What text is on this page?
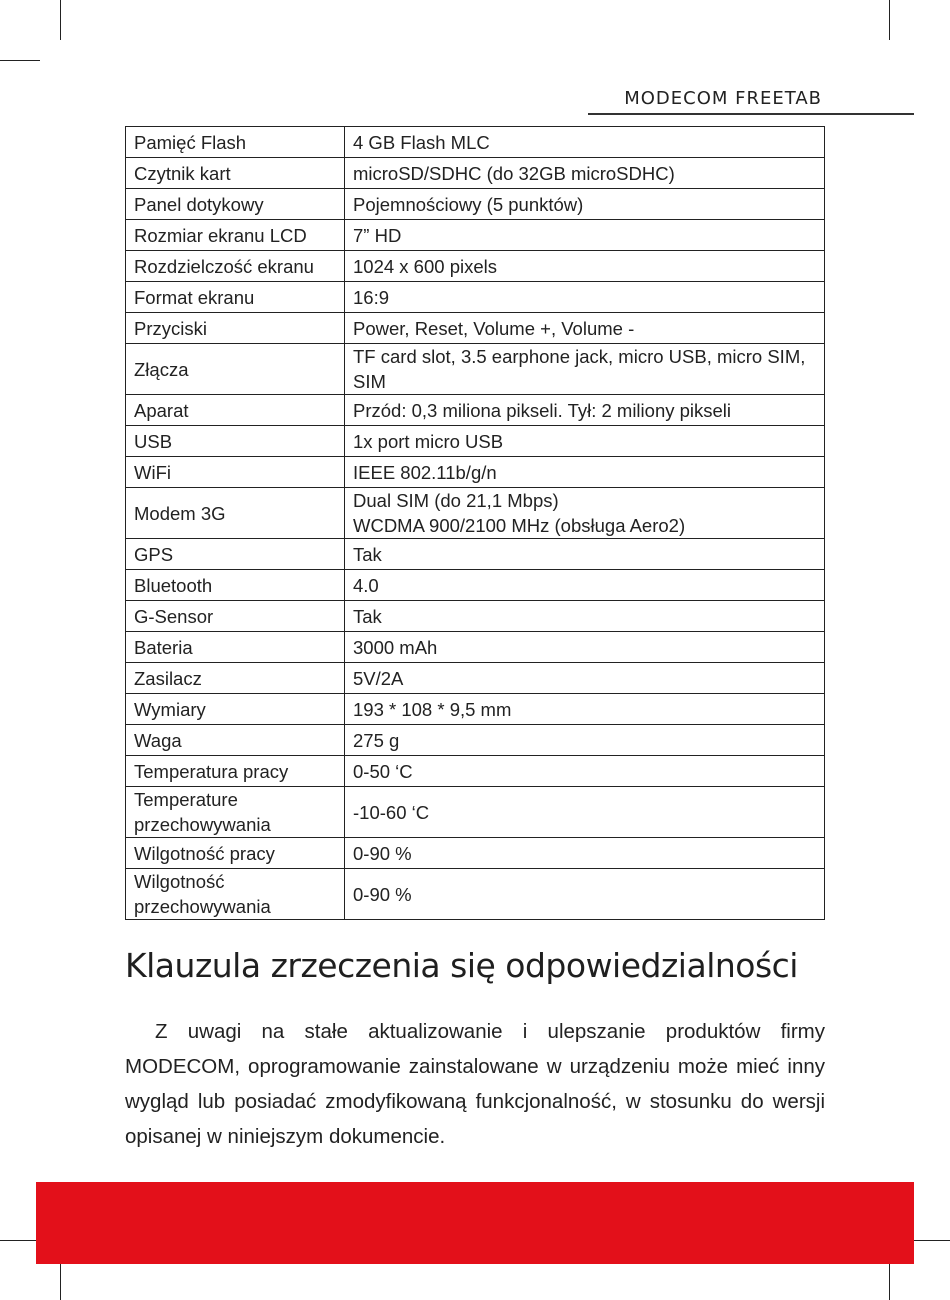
MODECOM FREETAB
Pamięć Flash	4 GB Flash MLC

Czytnik kart	microSD/SDHC (do 32GB microSDHC)

Panel dotykowy	Pojemnościowy (5 punktów)

Rozmiar ekranu LCD	7” HD

Rozdzielczość ekranu	1024 x 600 pixels

Format ekranu	16:9

Przyciski	Power, Reset, Volume +, Volume -

Złącza	TF card slot, 3.5 earphone jack, micro USB, micro SIM, SIM

Aparat	Przód: 0,3 miliona pikseli. Tył: 2 miliony pikseli

USB	1x port micro USB

WiFi	IEEE 802.11b/g/n

Modem 3G	Dual SIM (do 21,1 Mbps)
WCDMA 900/2100 MHz (obsługa Aero2)

GPS	Tak

Bluetooth	4.0

G-Sensor	Tak

Bateria	3000 mAh

Zasilacz	5V/2A

Wymiary	193 * 108 * 9,5 mm

Waga	275 g

Temperatura pracy	0-50 ‘C

Temperature przechowywania	-10-60 ‘C

Wilgotność pracy	0-90 %

Wilgotność przechowywania	0-90 %
Klauzula zrzeczenia się odpowiedzialności
Z uwagi na stałe aktualizowanie i ulepszanie produktów firmy MODECOM, oprogramowanie zainstalowane w urządzeniu może mieć inny wygląd lub posiadać zmodyfikowaną funkcjonalność, w stosunku do wersji opisanej w niniejszym dokumencie.
